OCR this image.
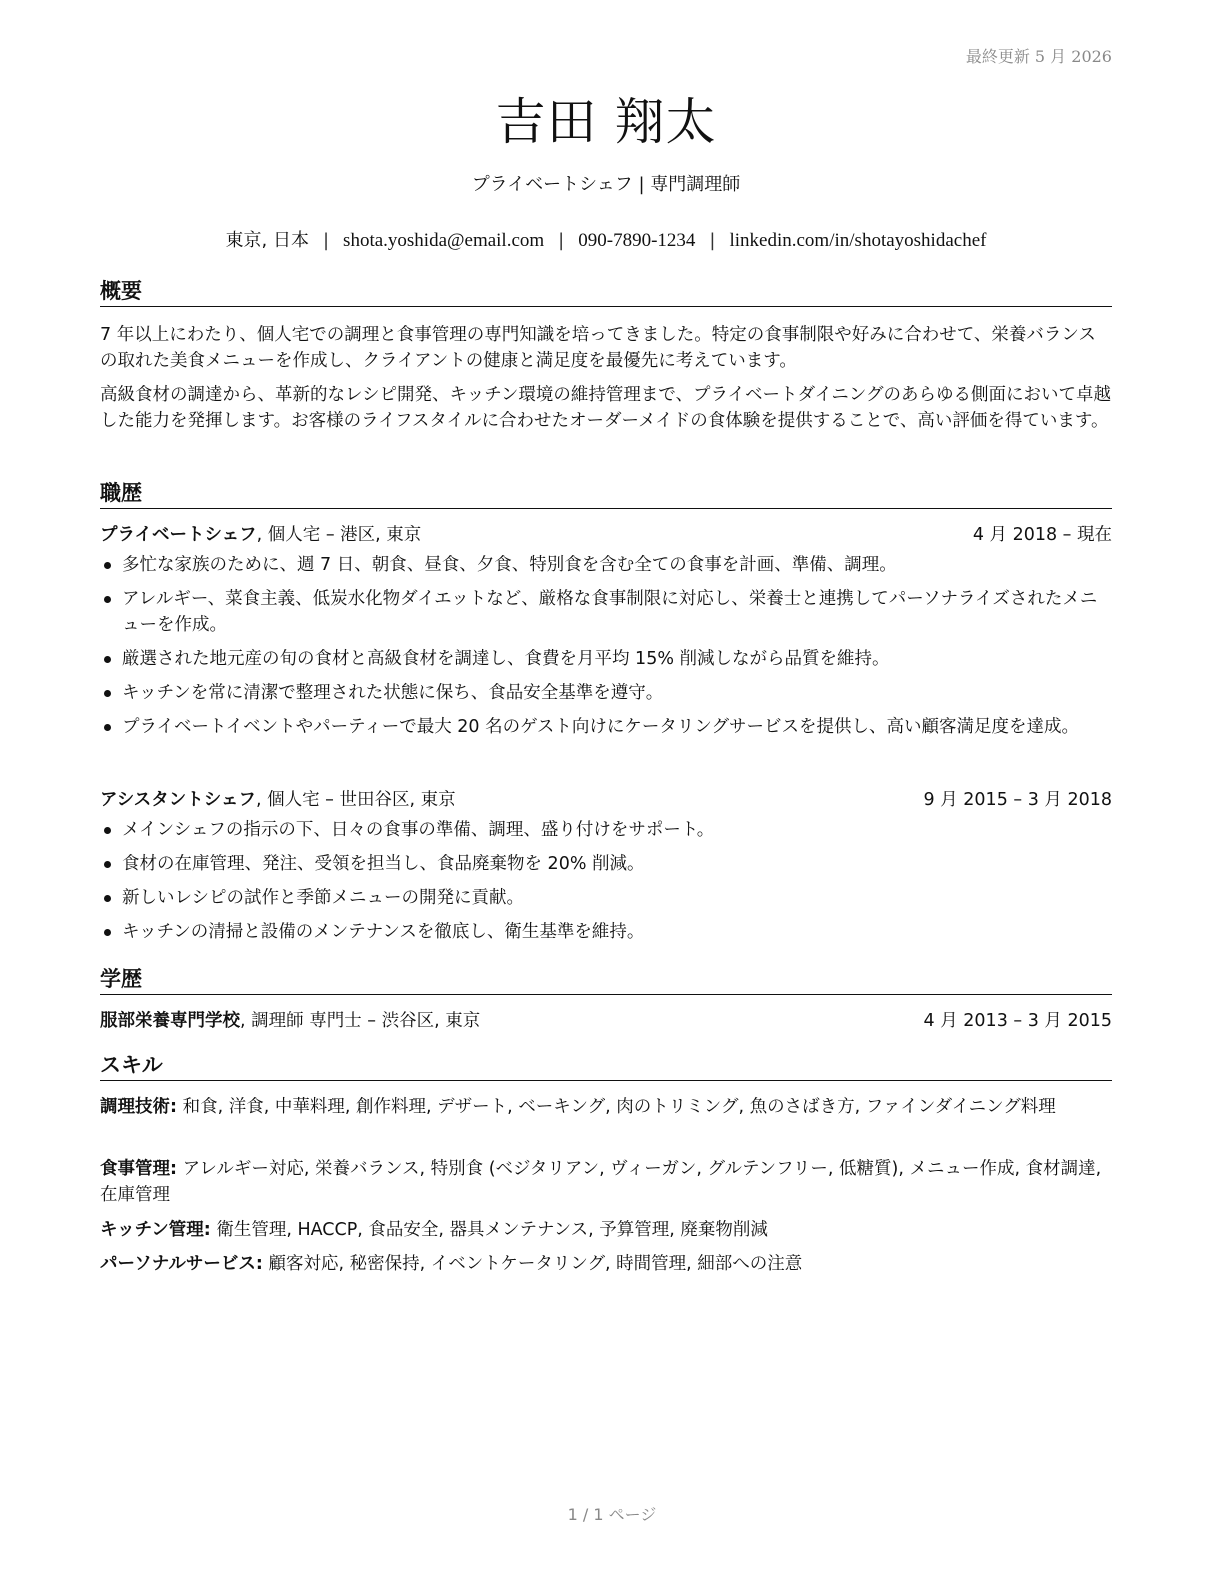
最終更新 5 月 2026
吉田 翔太
プライベートシェフ | 専門調理師
東京, 日本 | shota.yoshida@email.com | 090-7890-1234 | linkedin.com/in/shotayoshidachef
概要

7 年以上にわたり、個人宅での調理と食事管理の専門知識を培ってきました。特定の食事制限や好みに合わせて、栄養バランスの取れた美食メニューを作成し、クライアントの健康と満足度を最優先に考えています。

高級食材の調達から、革新的なレシピ開発、キッチン環境の維持管理まで、プライベートダイニングのあらゆる側面において卓越した能力を発揮します。お客様のライフスタイルに合わせたオーダーメイドの食体験を提供することで、高い評価を得ています。

職歴
プライベートシェフ, 個人宅 – 港区, 東京	4 月 2018 – 現在
多忙な家族のために、週 7 日、朝食、昼食、夕食、特別食を含む全ての食事を計画、準備、調理。
アレルギー、菜食主義、低炭水化物ダイエットなど、厳格な食事制限に対応し、栄養士と連携してパーソナライズされたメニューを作成。
厳選された地元産の旬の食材と高級食材を調達し、食費を月平均 15% 削減しながら品質を維持。
キッチンを常に清潔で整理された状態に保ち、食品安全基準を遵守。
プライベートイベントやパーティーで最大 20 名のゲスト向けにケータリングサービスを提供し、高い顧客満足度を達成。
アシスタントシェフ, 個人宅 – 世田谷区, 東京	9 月 2015 – 3 月 2018
メインシェフの指示の下、日々の食事の準備、調理、盛り付けをサポート。
食材の在庫管理、発注、受領を担当し、食品廃棄物を 20% 削減。
新しいレシピの試作と季節メニューの開発に貢献。
キッチンの清掃と設備のメンテナンスを徹底し、衛生基準を維持。
学歴
服部栄養専門学校, 調理師 専門士 – 渋谷区, 東京	4 月 2013 – 3 月 2015
スキル

調理技術: 和食, 洋食, 中華料理, 創作料理, デザート, ベーキング, 肉のトリミング, 魚のさばき方, ファインダイニング料理

食事管理: アレルギー対応, 栄養バランス, 特別食 (ベジタリアン, ヴィーガン, グルテンフリー, 低糖質), メニュー作成, 食材調達, 在庫管理

キッチン管理: 衛生管理, HACCP, 食品安全, 器具メンテナンス, 予算管理, 廃棄物削減

パーソナルサービス: 顧客対応, 秘密保持, イベントケータリング, 時間管理, 細部への注意

1 / 1 ページ
